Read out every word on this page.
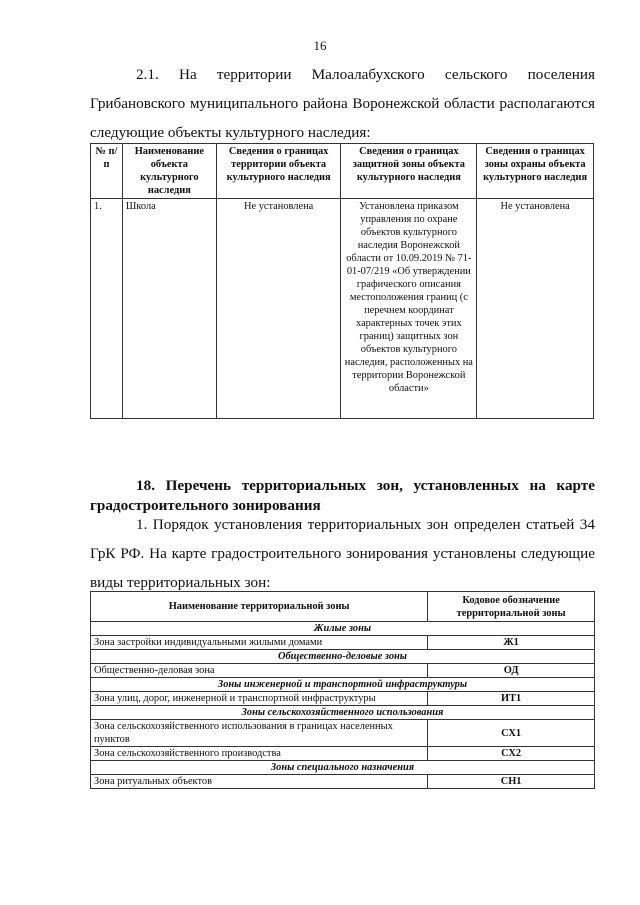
16
2.1. На территории Малоалабухского сельского поселения
Грибановского муниципального района Воронежской области располагаются
следующие объекты культурного наследия:
№ п/п	Наименование объекта культурного наследия	Сведения о границах территории объекта культурного наследия	Сведения о границах защитной зоны объекта культурного наследия	Сведения о границах зоны охраны объекта культурного наследия
1.	Школа	Не установлена	Установлена приказом управления по охране объектов культурного наследия Воронежской области от 10.09.2019 № 71-01-07/219 «Об утверждении графического описания местоположения границ (с перечнем координат характерных точек этих границ) защитных зон объектов культурного наследия, расположенных на территории Воронежской области»	Не установлена
18. Перечень территориальных зон, установленных на карте
градостроительного зонирования
1. Порядок установления территориальных зон определен статьей 34
ГрК РФ. На карте градостроительного зонирования установлены следующие
виды территориальных зон:
Наименование территориальной зоны	Кодовое обозначение территориальной зоны
Жилые зоны	
Зона застройки индивидуальными жилыми домами	Ж1
Общественно-деловые зоны	
Общественно-деловая зона	ОД
Зоны инженерной и транспортной инфраструктуры	
Зона улиц, дорог, инженерной и транспортной инфраструктуры	ИТ1
Зоны сельскохозяйственного использования	
Зона сельскохозяйственного использования в границах населенных пунктов	СХ1
Зона сельскохозяйственного производства	СХ2
Зоны специального назначения	
Зона ритуальных объектов	СН1
